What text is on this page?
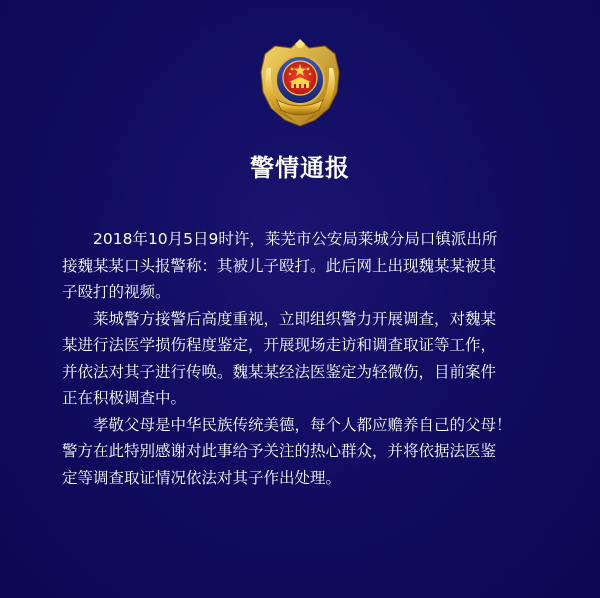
警情通报

2018年10月5日9时许，莱芜市公安局莱城分局口镇派出所
接魏某某口头报警称：其被儿子殴打。此后网上出现魏某某被其
子殴打的视频。

莱城警方接警后高度重视，立即组织警力开展调查，对魏某
某进行法医学损伤程度鉴定，开展现场走访和调查取证等工作，
并依法对其子进行传唤。魏某某经法医鉴定为轻微伤，目前案件
正在积极调查中。

孝敬父母是中华民族传统美德，每个人都应赡养自己的父母！
警方在此特别感谢对此事给予关注的热心群众，并将依据法医鉴
定等调查取证情况依法对其子作出处理。
